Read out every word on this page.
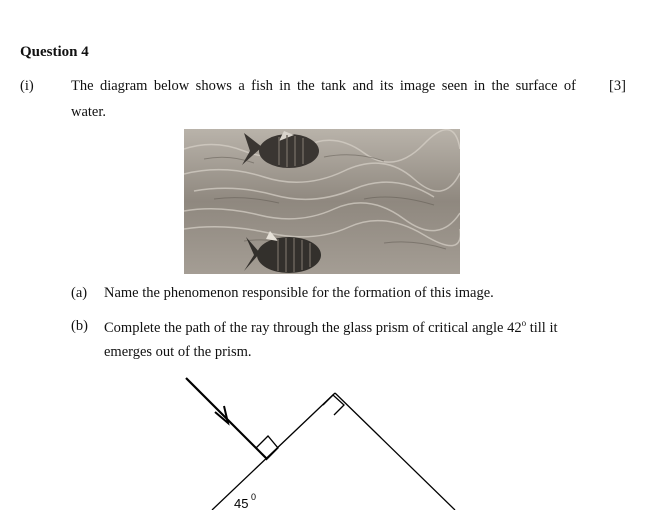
Question 4
(i)	The diagram below shows a fish in the tank and its image seen in the surface of [3]
water.
(a) Name the phenomenon responsible for the formation of this image.
(b) Complete the path of the ray through the glass prism of critical angle 42$^o$ till it
emerges out of the prism.
45 0
